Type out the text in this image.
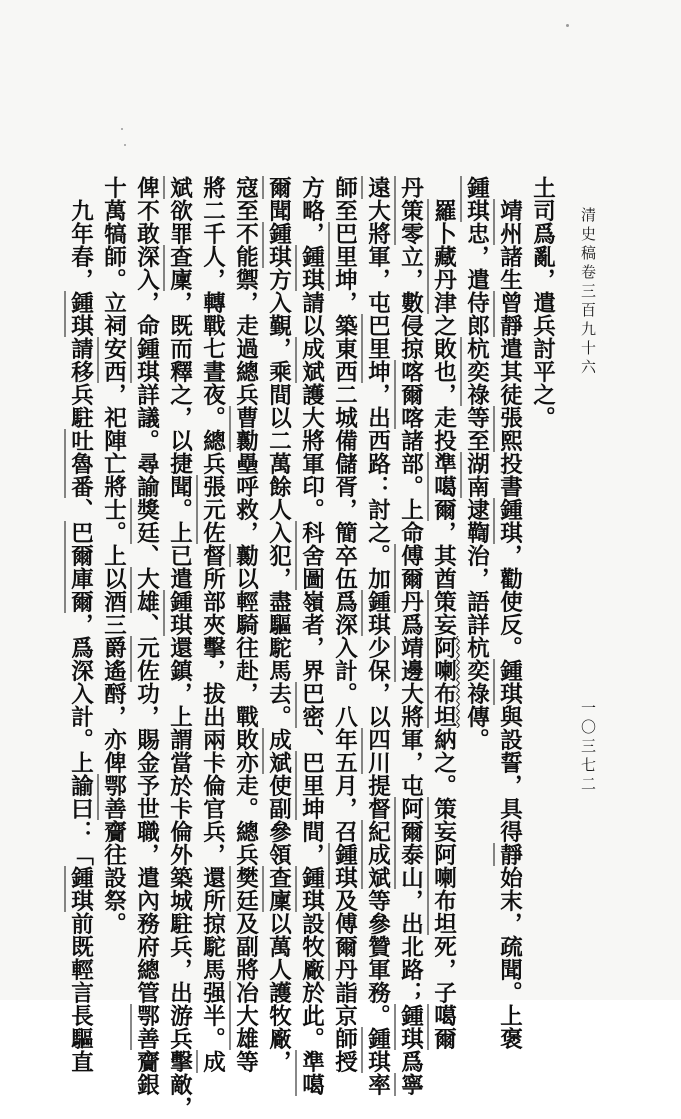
清史稿卷三百九十六
一〇三七二
土司爲亂，遣兵討平之。
　靖州諸生曾靜遣其徒張熙投書鍾琪，勸使反。鍾琪與設誓，具得靜始末，疏聞。上褒
鍾琪忠，遣侍郎杭奕祿等至湖南逮鞫治，語詳杭奕祿傳。
　羅卜藏丹津之敗也，走投準噶爾，其酋策妄阿喇布坦納之。策妄阿喇布坦死，子噶爾
丹策零立，數侵掠喀爾喀諸部。上命傅爾丹爲靖邊大將軍，屯阿爾泰山，出北路；鍾琪爲寧
遠大將軍，屯巴里坤，出西路：討之。加鍾琪少保，以四川提督紀成斌等參贊軍務。鍾琪率
師至巴里坤，築東西二城備儲胥，簡卒伍爲深入計。八年五月，召鍾琪及傅爾丹詣京師授
方略，鍾琪請以成斌護大將軍印。科舍圖嶺者，界巴密、巴里坤間，鍾琪設牧廠於此。準噶
爾聞鍾琪方入覲，乘間以二萬餘人入犯，盡驅駝馬去。成斌使副參領查廩以萬人護牧廠，
寇至不能禦，走過總兵曹勷壘呼救，勷以輕騎往赴，戰敗亦走。總兵樊廷及副將冶大雄等
將二千人，轉戰七晝夜。總兵張元佐督所部夾擊，拔出兩卡倫官兵，還所掠駝馬强半。成
斌欲罪查廩，既而釋之，以捷聞。上已遣鍾琪還鎮，上謂當於卡倫外築城駐兵，出游兵擊敵，
俾不敢深入，命鍾琪詳議。尋諭獎廷、大雄、元佐功，賜金予世職，遣內務府總管鄂善齎銀
十萬犒師。立祠安西，祀陣亡將士。上以酒三爵遙酹，亦俾鄂善齎往設祭。
　九年春，鍾琪請移兵駐吐魯番、巴爾庫爾，爲深入計。上諭曰：「鍾琪前既輕言長驅直
